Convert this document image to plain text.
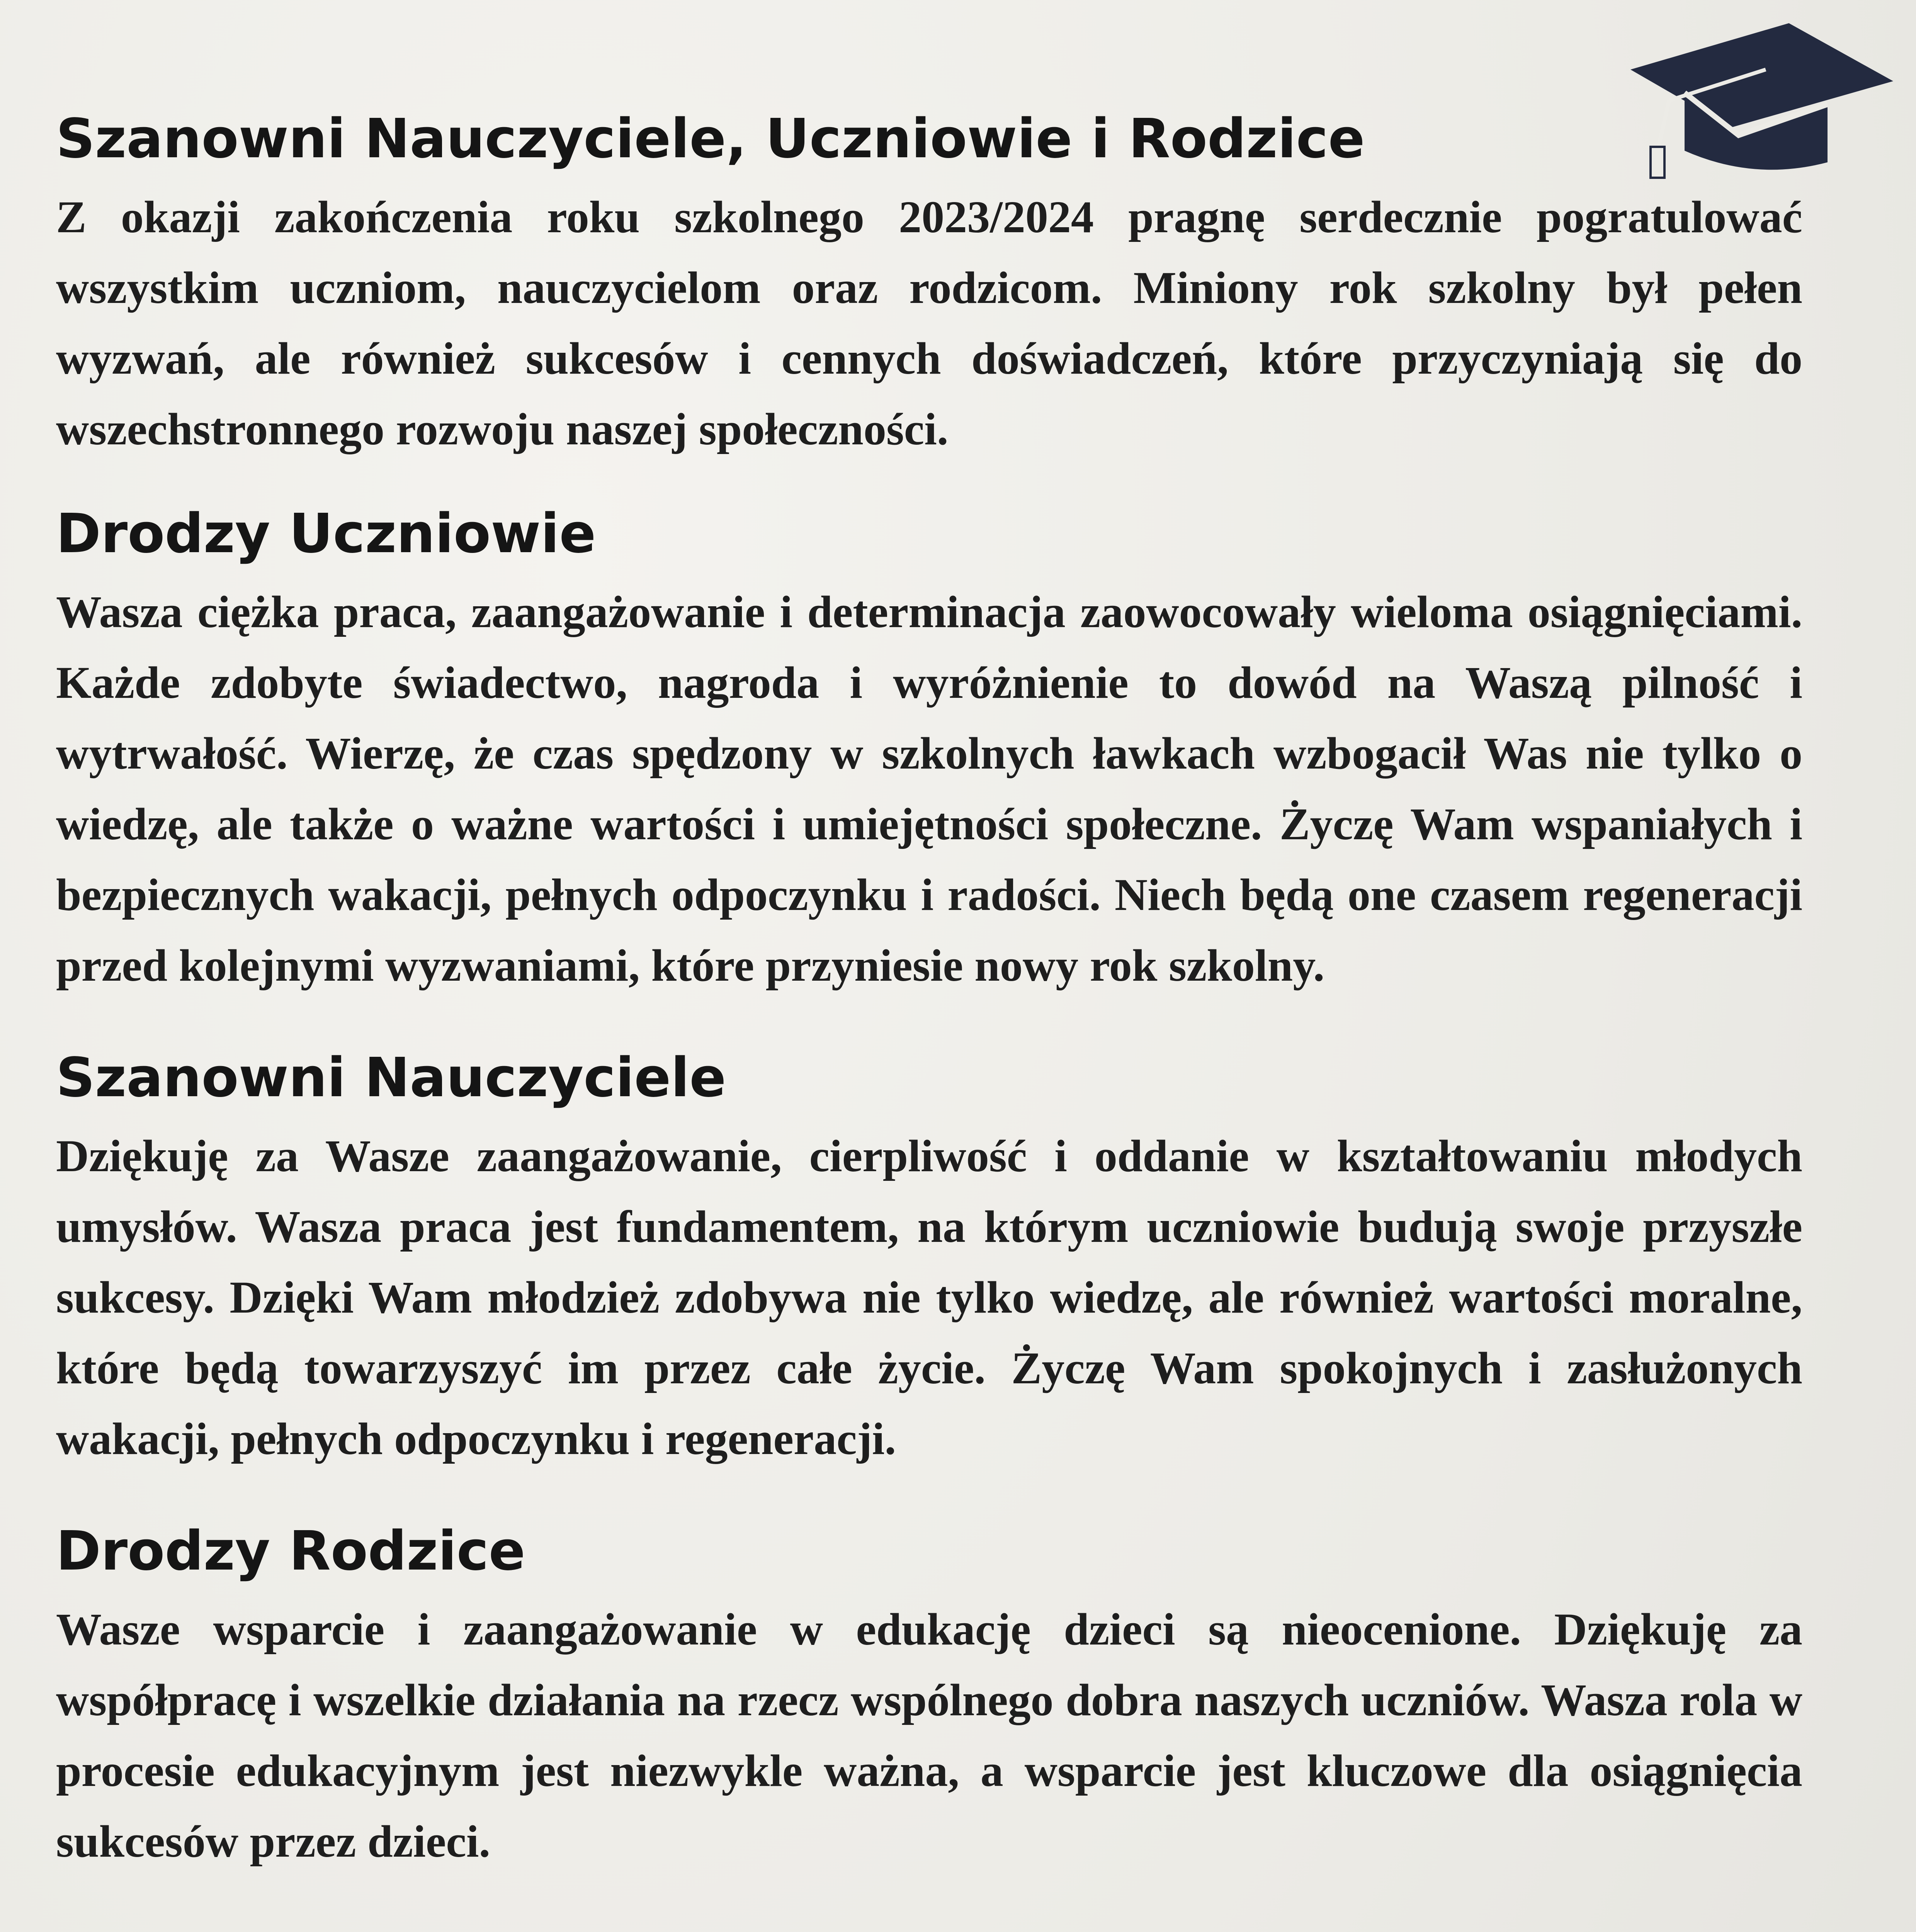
Szanowni Nauczyciele, Uczniowie i Rodzice

Z okazji zakończenia roku szkolnego 2023/2024 pragnę serdecznie pogratulować wszystkim uczniom, nauczycielom oraz rodzicom. Miniony rok szkolny był pełen wyzwań, ale również sukcesów i cennych doświadczeń, które przyczyniają się do wszechstronnego rozwoju naszej społeczności.

Drodzy Uczniowie

Wasza ciężka praca, zaangażowanie i determinacja zaowocowały wieloma osiągnięciami. Każde zdobyte świadectwo, nagroda i wyróżnienie to dowód na Waszą pilność i wytrwałość. Wierzę, że czas spędzony w szkolnych ławkach wzbogacił Was nie tylko o wiedzę, ale także o ważne wartości i umiejętności społeczne. Życzę Wam wspaniałych i bezpiecznych wakacji, pełnych odpoczynku i radości. Niech będą one czasem regeneracji przed kolejnymi wyzwaniami, które przyniesie nowy rok szkolny.

Szanowni Nauczyciele

Dziękuję za Wasze zaangażowanie, cierpliwość i oddanie w kształtowaniu młodych umysłów. Wasza praca jest fundamentem, na którym uczniowie budują swoje przyszłe sukcesy. Dzięki Wam młodzież zdobywa nie tylko wiedzę, ale również wartości moralne, które będą towarzyszyć im przez całe życie. Życzę Wam spokojnych i zasłużonych wakacji, pełnych odpoczynku i regeneracji.

Drodzy Rodzice

Wasze wsparcie i zaangażowanie w edukację dzieci są nieocenione. Dziękuję za współpracę i wszelkie działania na rzecz wspólnego dobra naszych uczniów. Wasza rola w procesie edukacyjnym jest niezwykle ważna, a wsparcie jest kluczowe dla osiągnięcia sukcesów przez dzieci.
